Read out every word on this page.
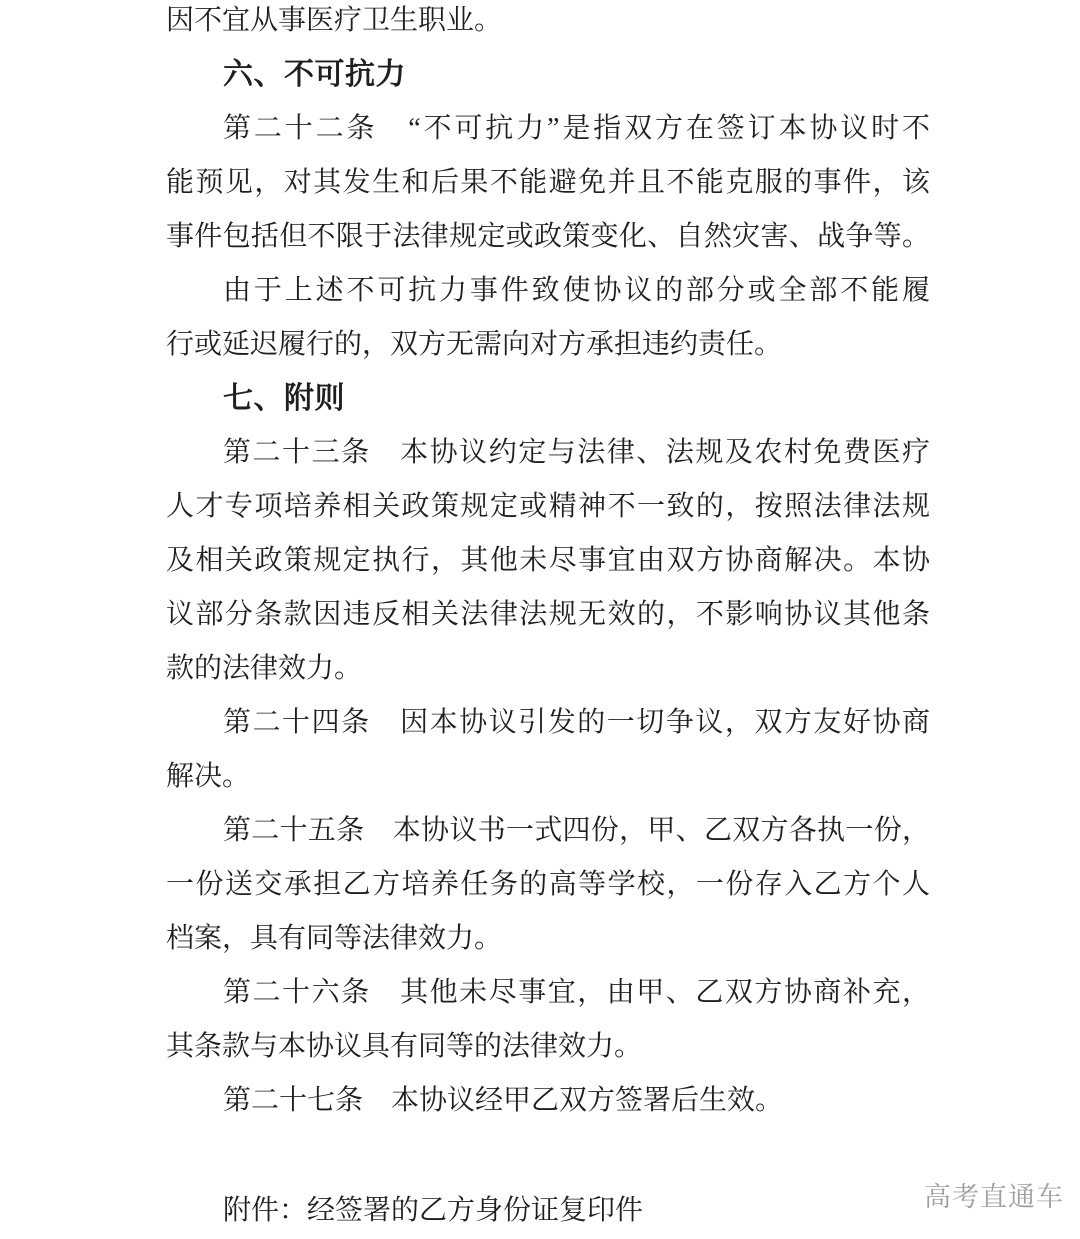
因不宜从事医疗卫生职业。
六、不可抗力
第二十二条　“不可抗力”是指双方在签订本协议时不
能预见，对其发生和后果不能避免并且不能克服的事件，该
事件包括但不限于法律规定或政策变化、自然灾害、战争等。
由于上述不可抗力事件致使协议的部分或全部不能履
行或延迟履行的，双方无需向对方承担违约责任。
七、附则
第二十三条　本协议约定与法律、法规及农村免费医疗
人才专项培养相关政策规定或精神不一致的，按照法律法规
及相关政策规定执行，其他未尽事宜由双方协商解决。本协
议部分条款因违反相关法律法规无效的，不影响协议其他条
款的法律效力。
第二十四条　因本协议引发的一切争议，双方友好协商
解决。
第二十五条　本协议书一式四份，甲、乙双方各执一份，
一份送交承担乙方培养任务的高等学校，一份存入乙方个人
档案，具有同等法律效力。
第二十六条　其他未尽事宜，由甲、乙双方协商补充，
其条款与本协议具有同等的法律效力。
第二十七条　本协议经甲乙双方签署后生效。
附件：经签署的乙方身份证复印件	高考直通车
